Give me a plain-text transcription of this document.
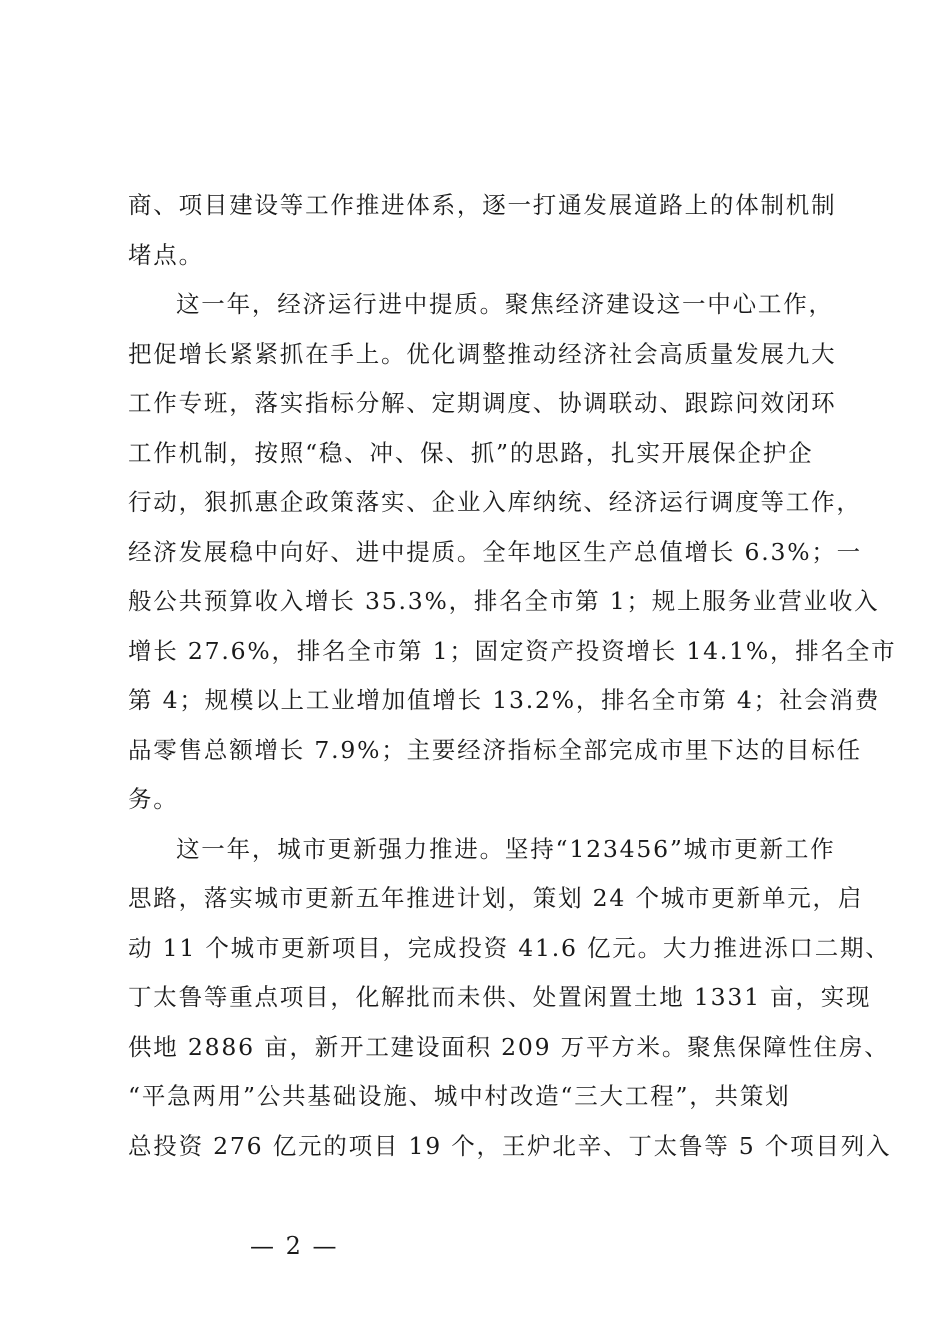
商、项目建设等工作推进体系，逐一打通发展道路上的体制机制
堵点。
这一年，经济运行进中提质。聚焦经济建设这一中心工作，
把促增长紧紧抓在手上。优化调整推动经济社会高质量发展九大
工作专班，落实指标分解、定期调度、协调联动、跟踪问效闭环
工作机制，按照“稳、冲、保、抓”的思路，扎实开展保企护企
行动，狠抓惠企政策落实、企业入库纳统、经济运行调度等工作，
经济发展稳中向好、进中提质。全年地区生产总值增长 6.3%；一
般公共预算收入增长 35.3%，排名全市第 1；规上服务业营业收入
增长 27.6%，排名全市第 1；固定资产投资增长 14.1%，排名全市
第 4；规模以上工业增加值增长 13.2%，排名全市第 4；社会消费
品零售总额增长 7.9%；主要经济指标全部完成市里下达的目标任
务。
这一年，城市更新强力推进。坚持“123456”城市更新工作
思路，落实城市更新五年推进计划，策划 24 个城市更新单元，启
动 11 个城市更新项目，完成投资 41.6 亿元。大力推进泺口二期、
丁太鲁等重点项目，化解批而未供、处置闲置土地 1331 亩，实现
供地 2886 亩，新开工建设面积 209 万平方米。聚焦保障性住房、
“平急两用”公共基础设施、城中村改造“三大工程”，共策划
总投资 276 亿元的项目 19 个，王炉北辛、丁太鲁等 5 个项目列入
— 2 —
